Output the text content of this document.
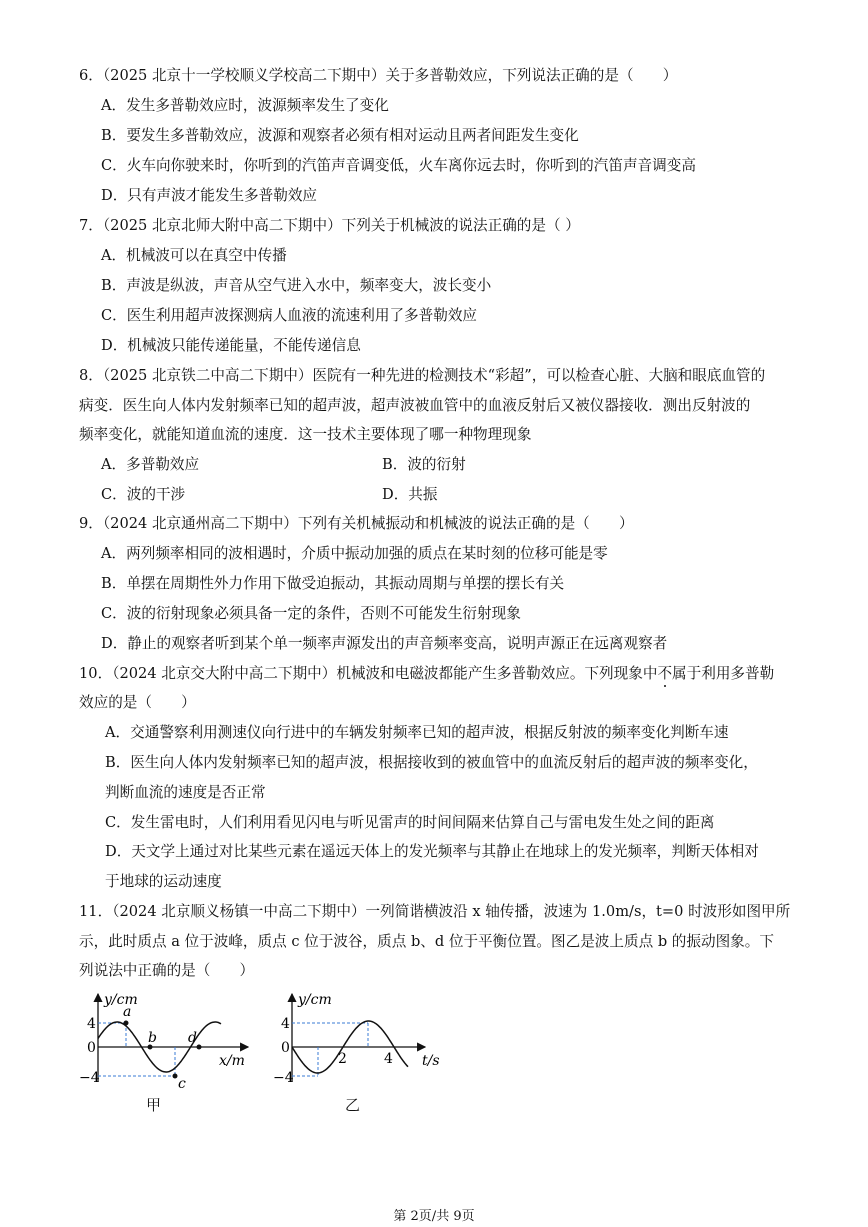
6．（2025 北京十一学校顺义学校高二下期中）关于多普勒效应，下列说法正确的是（　　）
A．发生多普勒效应时，波源频率发生了变化
B．要发生多普勒效应，波源和观察者必须有相对运动且两者间距发生变化
C．火车向你驶来时，你听到的汽笛声音调变低，火车离你远去时，你听到的汽笛声音调变高
D．只有声波才能发生多普勒效应
7．（2025 北京北师大附中高二下期中）下列关于机械波的说法正确的是（ ）
A．机械波可以在真空中传播
B．声波是纵波，声音从空气进入水中，频率变大，波长变小
C．医生利用超声波探测病人血液的流速利用了多普勒效应
D．机械波只能传递能量，不能传递信息
8．（2025 北京铁二中高二下期中）医院有一种先进的检测技术“彩超”，可以检查心脏、大脑和眼底血管的
病变．医生向人体内发射频率已知的超声波，超声波被血管中的血液反射后又被仪器接收．测出反射波的
频率变化，就能知道血流的速度．这一技术主要体现了哪一种物理现象
A．多普勒效应	B．波的衍射
C．波的干涉	D．共振
9．（2024 北京通州高二下期中）下列有关机械振动和机械波的说法正确的是（　　）
A．两列频率相同的波相遇时，介质中振动加强的质点在某时刻的位移可能是零
B．单摆在周期性外力作用下做受迫振动，其振动周期与单摆的摆长有关
C．波的衍射现象必须具备一定的条件，否则不可能发生衍射现象
D．静止的观察者听到某个单一频率声源发出的声音频率变高，说明声源正在远离观察者
10．（2024 北京交大附中高二下期中）机械波和电磁波都能产生多普勒效应。下列现象中不属于利用多普勒
效应的是（　　）
A．交通警察利用测速仪向行进中的车辆发射频率已知的超声波，根据反射波的频率变化判断车速
B．医生向人体内发射频率已知的超声波，根据接收到的被血管中的血流反射后的超声波的频率变化，
判断血流的速度是否正常
C．发生雷电时，人们利用看见闪电与听见雷声的时间间隔来估算自己与雷电发生处之间的距离
D．天文学上通过对比某些元素在遥远天体上的发光频率与其静止在地球上的发光频率，判断天体相对
于地球的运动速度
11．（2024 北京顺义杨镇一中高二下期中）一列简谐横波沿 x 轴传播，波速为 1.0m/s，t=0 时波形如图甲所
示，此时质点 a 位于波峰，质点 c 位于波谷，质点 b、d 位于平衡位置。图乙是波上质点 b 的振动图象。下
列说法中正确的是（　　）
y/cm
x/m
4
0
−4
a
b
c
d
甲
y/cm
t/s
4
0
−4
2	4
乙
第 2页/共 9页
